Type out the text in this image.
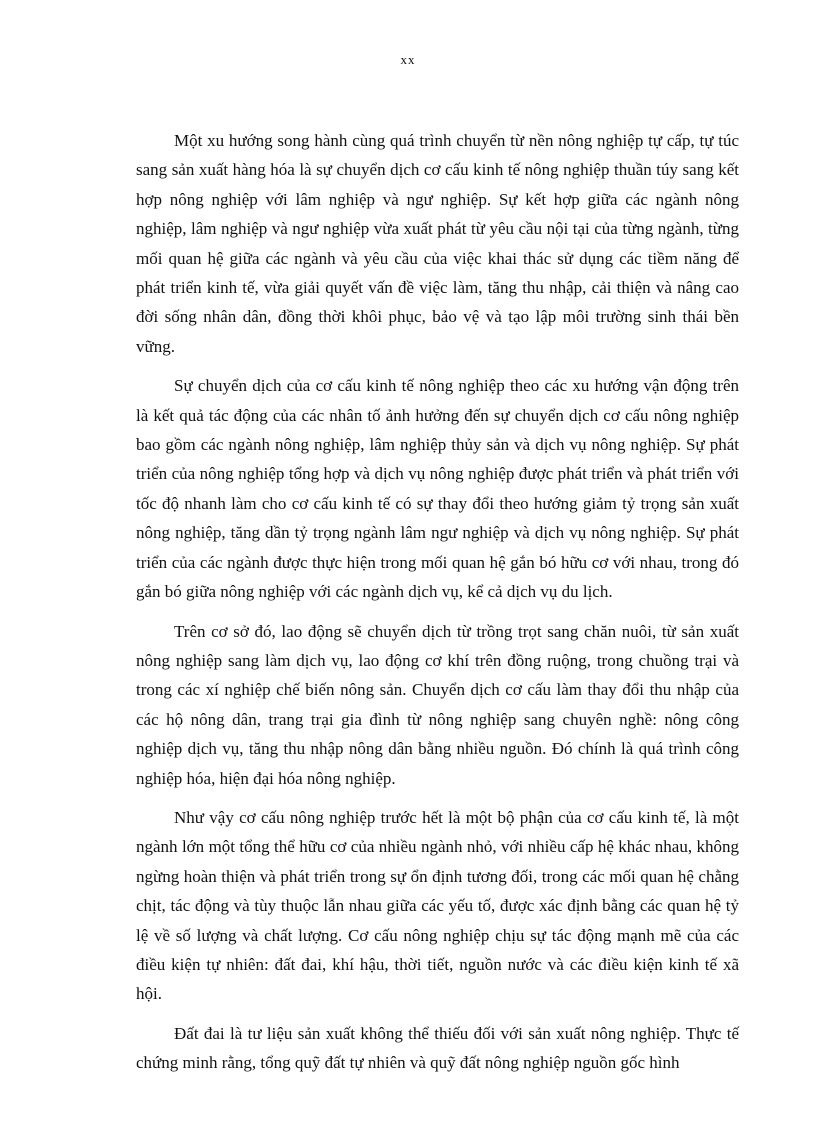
xx

Một xu hướng song hành cùng quá trình chuyển từ nền nông nghiệp tự cấp, tự túc sang sản xuất hàng hóa là sự chuyển dịch cơ cấu kinh tế nông nghiệp thuần túy sang kết hợp nông nghiệp với lâm nghiệp và ngư nghiệp. Sự kết hợp giữa các ngành nông nghiệp, lâm nghiệp và ngư nghiệp vừa xuất phát từ yêu cầu nội tại của từng ngành, từng mối quan hệ giữa các ngành và yêu cầu của việc khai thác sử dụng các tiềm năng để phát triển kinh tế, vừa giải quyết vấn đề việc làm, tăng thu nhập, cải thiện và nâng cao đời sống nhân dân, đồng thời khôi phục, bảo vệ và tạo lập môi trường sinh thái bền vững.

Sự chuyển dịch của cơ cấu kinh tế nông nghiệp theo các xu hướng vận động trên là kết quả tác động của các nhân tố ảnh hưởng đến sự chuyển dịch cơ cấu nông nghiệp bao gồm các ngành nông nghiệp, lâm nghiệp thủy sản và dịch vụ nông nghiệp. Sự phát triển của nông nghiệp tổng hợp và dịch vụ nông nghiệp được phát triển và phát triển với tốc độ nhanh làm cho cơ cấu kinh tế có sự thay đổi theo hướng giảm tỷ trọng sản xuất nông nghiệp, tăng dần tỷ trọng ngành lâm ngư nghiệp và dịch vụ nông nghiệp. Sự phát triển của các ngành được thực hiện trong mối quan hệ gắn bó hữu cơ với nhau, trong đó gắn bó giữa nông nghiệp với các ngành dịch vụ, kể cả dịch vụ du lịch.

Trên cơ sở đó, lao động sẽ chuyển dịch từ trồng trọt sang chăn nuôi, từ sản xuất nông nghiệp sang làm dịch vụ, lao động cơ khí trên đồng ruộng, trong chuồng trại và trong các xí nghiệp chế biến nông sản. Chuyển dịch cơ cấu làm thay đổi thu nhập của các hộ nông dân, trang trại gia đình từ nông nghiệp sang chuyên nghề: nông công nghiệp dịch vụ, tăng thu nhập nông dân bằng nhiều nguồn. Đó chính là quá trình công nghiệp hóa, hiện đại hóa nông nghiệp.

Như vậy cơ cấu nông nghiệp trước hết là một bộ phận của cơ cấu kinh tế, là một ngành lớn một tổng thể hữu cơ của nhiều ngành nhỏ, với nhiều cấp hệ khác nhau, không ngừng hoàn thiện và phát triển trong sự ổn định tương đối, trong các mối quan hệ chằng chịt, tác động và tùy thuộc lẫn nhau giữa các yếu tố, được xác định bằng các quan hệ tỷ lệ về số lượng và chất lượng. Cơ cấu nông nghiệp chịu sự tác động mạnh mẽ của các điều kiện tự nhiên: đất đai, khí hậu, thời tiết, nguồn nước và các điều kiện kinh tế xã hội.

Đất đai là tư liệu sản xuất không thể thiếu đối với sản xuất nông nghiệp. Thực tế chứng minh rằng, tổng quỹ đất tự nhiên và quỹ đất nông nghiệp nguồn gốc hình
